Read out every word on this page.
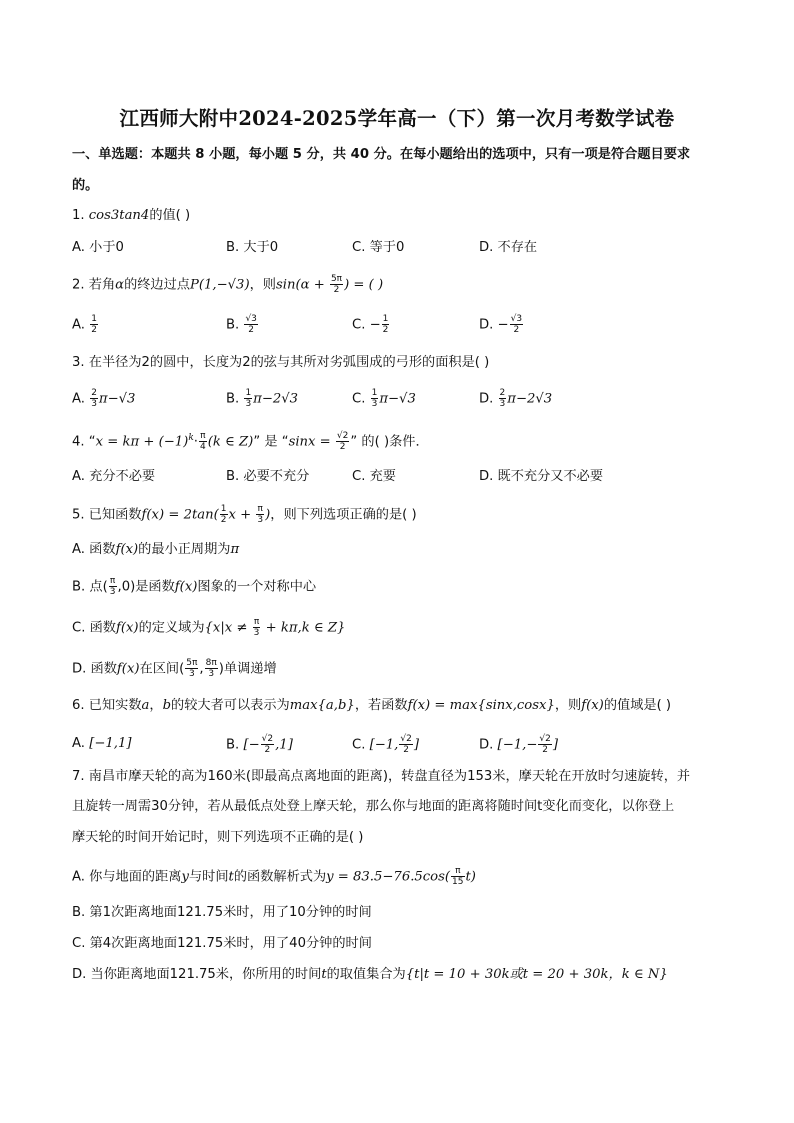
江西师大附中2024-2025学年高一（下）第一次月考数学试卷
一、单选题：本题共 8 小题，每小题 5 分，共 40 分。在每小题给出的选项中，只有一项是符合题目要求
的。
1. cos3tan4的值( )
A. 小于0	B. 大于0	C. 等于0	D. 不存在
2. 若角α的终边过点P(1,−√3)，则$\sin(\alpha + \frac{5\pi}{2}$ ) = ( )
A. $\frac{1}{2}$	B. $\frac{√3}{2}$	C. − $\frac{1}{2}$	D. − $\frac{√3}{2}$
3. 在半径为2的圆中，长度为2的弦与其所对劣弧围成的弓形的面积是( )
A. $\frac{2}{3} \pi-√3$	B. $\frac{1}{3} \pi-2√3$	C. $\frac{1}{3} \pi-√3$	D. $\frac{2}{3} \pi-2√3$
4. “$x = k\pi + (-1)^k\cdot \frac{\pi}{4} (k$ ∈ Z)” 是 “$\sin x = \frac{√2}{2}$ ” 的( )条件．
A. 充分不必要	B. 必要不充分	C. 充要	D. 既不充分又不必要
5. 已知函数$f(x) = 2\tan( \frac{1}{2}$ $x + \frac{\pi}{3}$ )，则下列选项正确的是( )
A. 函数f(x)的最小正周期为π
B. 点( $\frac{\pi}{3} ,0$)是函数f(x)图象的一个对称中心
C. 函数f(x)的定义域为{$x|x \ne \frac{\pi}{3} + k\pi,k$ ∈ Z}
D. 函数f(x)在区间( $\frac{5\pi}{3}$ , $\frac{8\pi}{3}$ )单调递增
6. 已知实数a，b的较大者可以表示为max{a,b}，若函数f(x) = max{sinx,cosx}，则f(x)的值域是( )
A. [−1,1]	B. [− $\frac{√2}{2} ,1$]	C. [−1, $\frac{√2}{2}$ ]	D. [$-1,- \frac{√2}{2}$ ]
7. 南昌市摩天轮的高为160米(即最高点离地面的距离)，转盘直径为153米，摩天轮在开放时匀速旋转，并
且旋转一周需30分钟，若从最低点处登上摩天轮，那么你与地面的距离将随时间t变化而变化，以你登上
摩天轮的时间开始记时，则下列选项不正确的是( )
A. 你与地面的距离y与时间t的函数解析式为$y = 83.5-76.5\cos( \frac{\pi}{15} t)$
B. 第1次距离地面121.75米时，用了10分钟的时间
C. 第4次距离地面121.75米时，用了40分钟的时间
D. 当你距离地面121.75米，你所用的时间t的取值集合为{t|t = 10 + 30k或t = 20 + 30k，k ∈ N}
